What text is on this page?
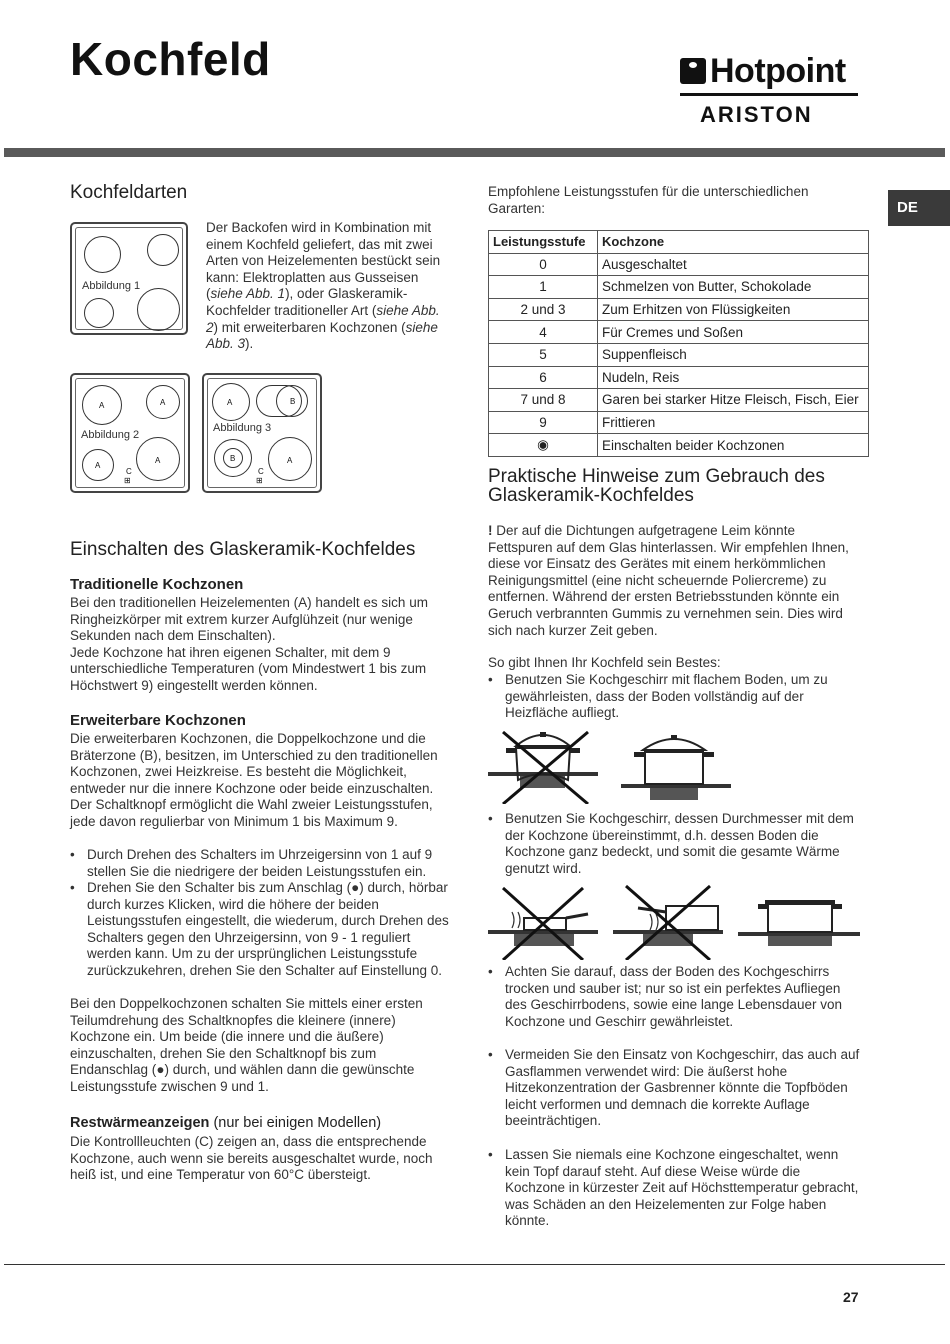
Kochfeld	Hotpoint
ARISTON
DE
Kochfeldarten
Abbildung 1
A	A
A
A
C
⊞
Abbildung 2
A	B
B	A
C
⊞
Abbildung 3
Der Backofen wird in Kombination mit einem Kochfeld geliefert, das mit zwei Arten von Heizelementen bestückt sein kann: Elektroplatten aus Gusseisen (siehe Abb. 1), oder Glaskeramik-Kochfelder traditioneller Art (siehe Abb. 2) mit erweiterbaren Kochzonen (siehe Abb. 3).
Einschalten des Glaskeramik-Kochfeldes
Traditionelle Kochzonen
Bei den traditionellen Heizelementen (A) handelt es sich um Ringheizkörper mit extrem kurzer Aufglühzeit (nur wenige Sekunden nach dem Einschalten).
Jede Kochzone hat ihren eigenen Schalter, mit dem 9 unterschiedliche Temperaturen (vom Mindestwert 1 bis zum Höchstwert 9) eingestellt werden können.
Erweiterbare Kochzonen
Die erweiterbaren Kochzonen, die Doppelkochzone und die Bräterzone (B), besitzen, im Unterschied zu den traditionellen Kochzonen, zwei Heizkreise. Es besteht die Möglichkeit, entweder nur die innere Kochzone oder beide einzuschalten.
Der Schaltknopf ermöglicht die Wahl zweier Leistungsstufen, jede davon regulierbar von Minimum 1 bis Maximum 9.
• Durch Drehen des Schalters im Uhrzeigersinn von 1 auf 9 stellen Sie die niedrigere der beiden Leistungsstufen ein.
• Drehen Sie den Schalter bis zum Anschlag (●) durch, hörbar durch kurzes Klicken, wird die höhere der beiden Leistungsstufen eingestellt, die wiederum, durch Drehen des Schalters gegen den Uhrzeigersinn, von 9 - 1 reguliert werden kann. Um zu der ursprünglichen Leistungsstufe zurückzukehren, drehen Sie den Schalter auf Einstellung 0.
Bei den Doppelkochzonen schalten Sie mittels einer ersten Teilumdrehung des Schaltknopfes die kleinere (innere) Kochzone ein. Um beide (die innere und die äußere) einzuschalten, drehen Sie den Schaltknopf bis zum Endanschlag (●) durch, und wählen dann die gewünschte Leistungsstufe zwischen 9 und 1.
Restwärmeanzeigen (nur bei einigen Modellen)
Die Kontrollleuchten (C) zeigen an, dass die entsprechende Kochzone, auch wenn sie bereits ausgeschaltet wurde, noch heiß ist, und eine Temperatur von 60°C übersteigt.
Empfohlene Leistungsstufen für die unterschiedlichen Gararten:
Leistungsstufe	Kochzone
0	Ausgeschaltet
1	Schmelzen von Butter, Schokolade
2 und 3	Zum Erhitzen von Flüssigkeiten
4	Für Cremes und Soßen
5	Suppenfleisch
6	Nudeln, Reis
7 und 8	Garen bei starker Hitze Fleisch, Fisch, Eier
9	Frittieren
◉	Einschalten beider Kochzonen
Praktische Hinweise zum Gebrauch des
Glaskeramik-Kochfeldes
! Der auf die Dichtungen aufgetragene Leim könnte Fettspuren auf dem Glas hinterlassen. Wir empfehlen Ihnen, diese vor Einsatz des Gerätes mit einem herkömmlichen Reinigungsmittel (eine nicht scheuernde Poliercreme) zu entfernen. Während der ersten Betriebsstunden könnte ein Geruch verbrannten Gummis zu vernehmen sein. Dies wird sich nach kurzer Zeit geben.
So gibt Ihnen Ihr Kochfeld sein Bestes:
• Benutzen Sie Kochgeschirr mit flachem Boden, um zu gewährleisten, dass der Boden vollständig auf der Heizfläche aufliegt.
• Benutzen Sie Kochgeschirr, dessen Durchmesser mit dem der Kochzone übereinstimmt, d.h. dessen Boden die Kochzone ganz bedeckt, und somit die gesamte Wärme genutzt wird.
• Achten Sie darauf, dass der Boden des Kochgeschirrs trocken und sauber ist; nur so ist ein perfektes Aufliegen des Geschirrbodens, sowie eine lange Lebensdauer von Kochzone und Geschirr gewährleistet.
• Vermeiden Sie den Einsatz von Kochgeschirr, das auch auf Gasflammen verwendet wird: Die äußerst hohe Hitzekonzentration der Gasbrenner könnte die Topfböden leicht verformen und demnach die korrekte Auflage beeinträchtigen.
• Lassen Sie niemals eine Kochzone eingeschaltet, wenn kein Topf darauf steht. Auf diese Weise würde die Kochzone in kürzester Zeit auf Höchsttemperatur gebracht, was Schäden an den Heizelementen zur Folge haben könnte.
27
